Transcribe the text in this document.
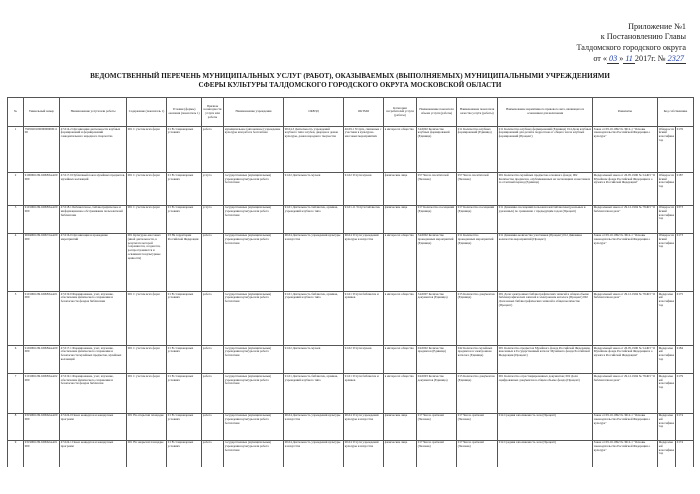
Приложение №1
к Постановлению Главы
Талдомского городского округа
от « 03 » 11 2017г. № 2327
ВЕДОМСТВЕННЫЙ ПЕРЕЧЕНЬ МУНИЦИПАЛЬНЫХ УСЛУГ (РАБОТ), ОКАЗЫВАЕМЫХ (ВЫПОЛНЯЕМЫХ) МУНИЦИПАЛЬНЫМИ УЧРЕЖДЕНИЯМИ
СФЕРЫ КУЛЬТУРЫ ТАЛДОМСКОГО ГОРОДСКОГО ОКРУГА МОСКОВСКОЙ ОБЛАСТИ
№	Уникальный номер	Наименование услуги или работы	Содержание (показатель 1)	Условия (формы) оказания (показатель 1)	Признак возмездности услуги или работы	Наименование учреждения	ОКВЭД	ОКТМО	Категории потребителей услуги (работы)	Наименование показателя объема услуги (работы)	Наименование показателя качества услуги (работы)	Наименование нормативного правового акта, являющегося основанием для включения	Реквизиты	Код собственника	
1	79059201000000000001100	47.014.2 Организация деятельности клубных формирований и формирований самодеятельного народного творчества	001 С учетом всех форм	01 В стационарных условиях	работа	муниципальное (автономное) учреждение культуры или работа бесплатная	90.04.3 Деятельность учреждений клубного типа: клубов, дворцов и домов культуры, домов народного творчества	46.09.1 Услуги, связанные с участием в культурно-массовых мероприятиях	в интересах общества	34.0002 Количество клубных формирований (Единица)	011 Количество клубных формирований (Единица)	011 Количество клубных формирований (Единица) 014 Доля клубных формирований для детей и подростков от общего числа клубных формирований (Процент)	Закон от 09.10.1992 № 3612-1 "Основы законодательства Российской Федерации о культуре"	Общероссийский классификатор	0176
2	910000О.99.0.ББ83АА00000	47.017.0 Публичный показ музейных предметов, музейных коллекций	001 С учетом всех форм	01 В стационарных условиях	услуга	государственные (муниципальные) учреждения культуры или работа бесплатная	91.02 Деятельность музеев	91.02 Услуги музеев	физические лица	057 Число посетителей (Человек)	057 Число посетителей (Человек)	001 Количество музейных предметов основного фонда; 002 Количество предметов, опубликованных на экспозициях и выставках за отчетный период (Единица)	Федеральный закон от 26.05.1996 № 54-ФЗ "О Музейном фонде Российской Федерации и о музеях в Российской Федерации"	Общероссийский классификатор	0187
3	910100О.99.0.ББ83АА00000	47.018.1 Библиотечное, библиографическое и информационное обслуживание пользователей библиотеки	001 С учетом всех форм	01 В стационарных условиях	услуга	государственные (муниципальные) учреждения культуры или работа бесплатная	91.01 Деятельность библиотек, архивов, учреждений клубного типа	91.01.11 Услуги библиотек	физические лица	017 Количество посещений (Единица)	017 Количество посещений (Единица)	011 Динамика посещений пользователей библиотеки (реальных и удаленных) по сравнению с предыдущим годом (Процент)	Федеральный закон от 29.12.1994 № 78-ФЗ "О библиотечном деле"	Общероссийский классификатор	0373
4	900400О.99.0.ББ72АА00000	47.016.0 Организация и проведение мероприятий	001 Культурно-массовых (иной деятельности, в результате которой сохраняются, создаются, распространяются и осваиваются культурные ценности)	03 На территории Российской Федерации	работа	государственные (муниципальные) учреждения культуры или работа бесплатная	90.04 Деятельность учреждений культуры и искусства	90.04 Услуги учреждений культуры и искусства	в интересах общества	34.0002 Количество проведенных мероприятий (Единица)	011 Количество проведенных мероприятий (Единица)	011 Динамика количества участников (Процент) 012 Динамика количества мероприятий (Процент)	Закон от 09.10.1992 № 3612-1 "Основы законодательства Российской Федерации о культуре"	Общероссийский классификатор	0173
5	910100О.99.0.ББ83АА01000	47.019.0 Формирование, учет, изучение, обеспечение физического сохранения и безопасности фондов библиотеки	001 С учетом всех форм	01 В стационарных условиях	работа	государственные (муниципальные) учреждения культуры или работа бесплатная	91.01 Деятельность библиотек, архивов, учреждений клубного типа	91.01 Услуги библиотек и архивов	в интересах общества	34.0007 Количество документов (Единица)	015 Количество документов (Единица)	001 Доля электронных библиографических записей в общем объеме библиографических записей в электронном каталоге (Процент) 002 Доля новых библиографических записей в общем количестве (Процент)	Федеральный закон от 29.12.1994 № 78-ФЗ "О библиотечном деле"	Федеральный классификатор	0175
6	910200О.99.0.ББ84АА00000	47.017.1 Формирование, учет, изучение, обеспечение физического сохранения и безопасности музейных предметов, музейных коллекций	001 С учетом всех форм	01 В стационарных условиях	работа	государственные (муниципальные) учреждения культуры или работа бесплатная	91.02 Деятельность музеев	91.02 Услуги музеев	в интересах общества	04.0002 Количество предметов (Единица)	042 Количество музейных предметов в электронном каталоге (Единица)	001 Количество предметов Музейного фонда Российской Федерации, внесенных в Государственный каталог Музейного фонда Российской Федерации (Процент)	Федеральный закон от 26.05.1996 № 54-ФЗ "О Музейном фонде Российской Федерации и о музеях в Российской Федерации"	Федеральный классификатор	0184
7	910100О.99.0.ББ83АА02000	47.019.1 Формирование, учет, изучение, обеспечение физического сохранения и безопасности фондов библиотек	001 С учетом всех форм	01 В стационарных условиях	работа	государственные (муниципальные) учреждения культуры или работа бесплатная	91.01 Деятельность библиотек, архивов, учреждений клубного типа	91.01 Услуги библиотек и архивов	в интересах общества	04.0003 Количество документов (Единица)	015 Количество документов (Единица)	001 Количество отреставрированных документов; 002 Доля оцифрованных документов в общем объеме фонда (Процент)	Федеральный закон от 29.12.1994 № 78-ФЗ "О библиотечном деле"	Федеральный классификатор	0179
8	931900О.99.0.ББ62АА00000	47.024.0 Показ концертов и концертных программ	001 На открытой площадке	01 В стационарных условиях	работа	государственные (муниципальные) учреждения культуры или работа бесплатная	90.04 Деятельность учреждений культуры и искусства	90.04 Услуги учреждений культуры и искусства	физические лица	017 Число зрителей (Человек)	017 Число зрителей (Человек)	014 Средняя заполняемость зала (Процент)	Закон от 09.10.1992 № 3612-1 "Основы законодательства Российской Федерации о культуре"	Федеральный классификатор	0174
9	931900О.99.0.ББ62АА01000	47.024.1 Показ концертов и концертных программ	001 На закрытой площадке	01 В стационарных условиях	работа	государственные (муниципальные) учреждения культуры или работа бесплатная	90.04 Деятельность учреждений культуры и искусства	90.04 Услуги учреждений культуры и искусства	физические лица	017 Число зрителей (Человек)	017 Число зрителей (Человек)	014 Средняя заполняемость зала (Процент)	Закон от 09.10.1992 № 3612-1 "Основы законодательства Российской Федерации о культуре"	Федеральный классификатор	0174
